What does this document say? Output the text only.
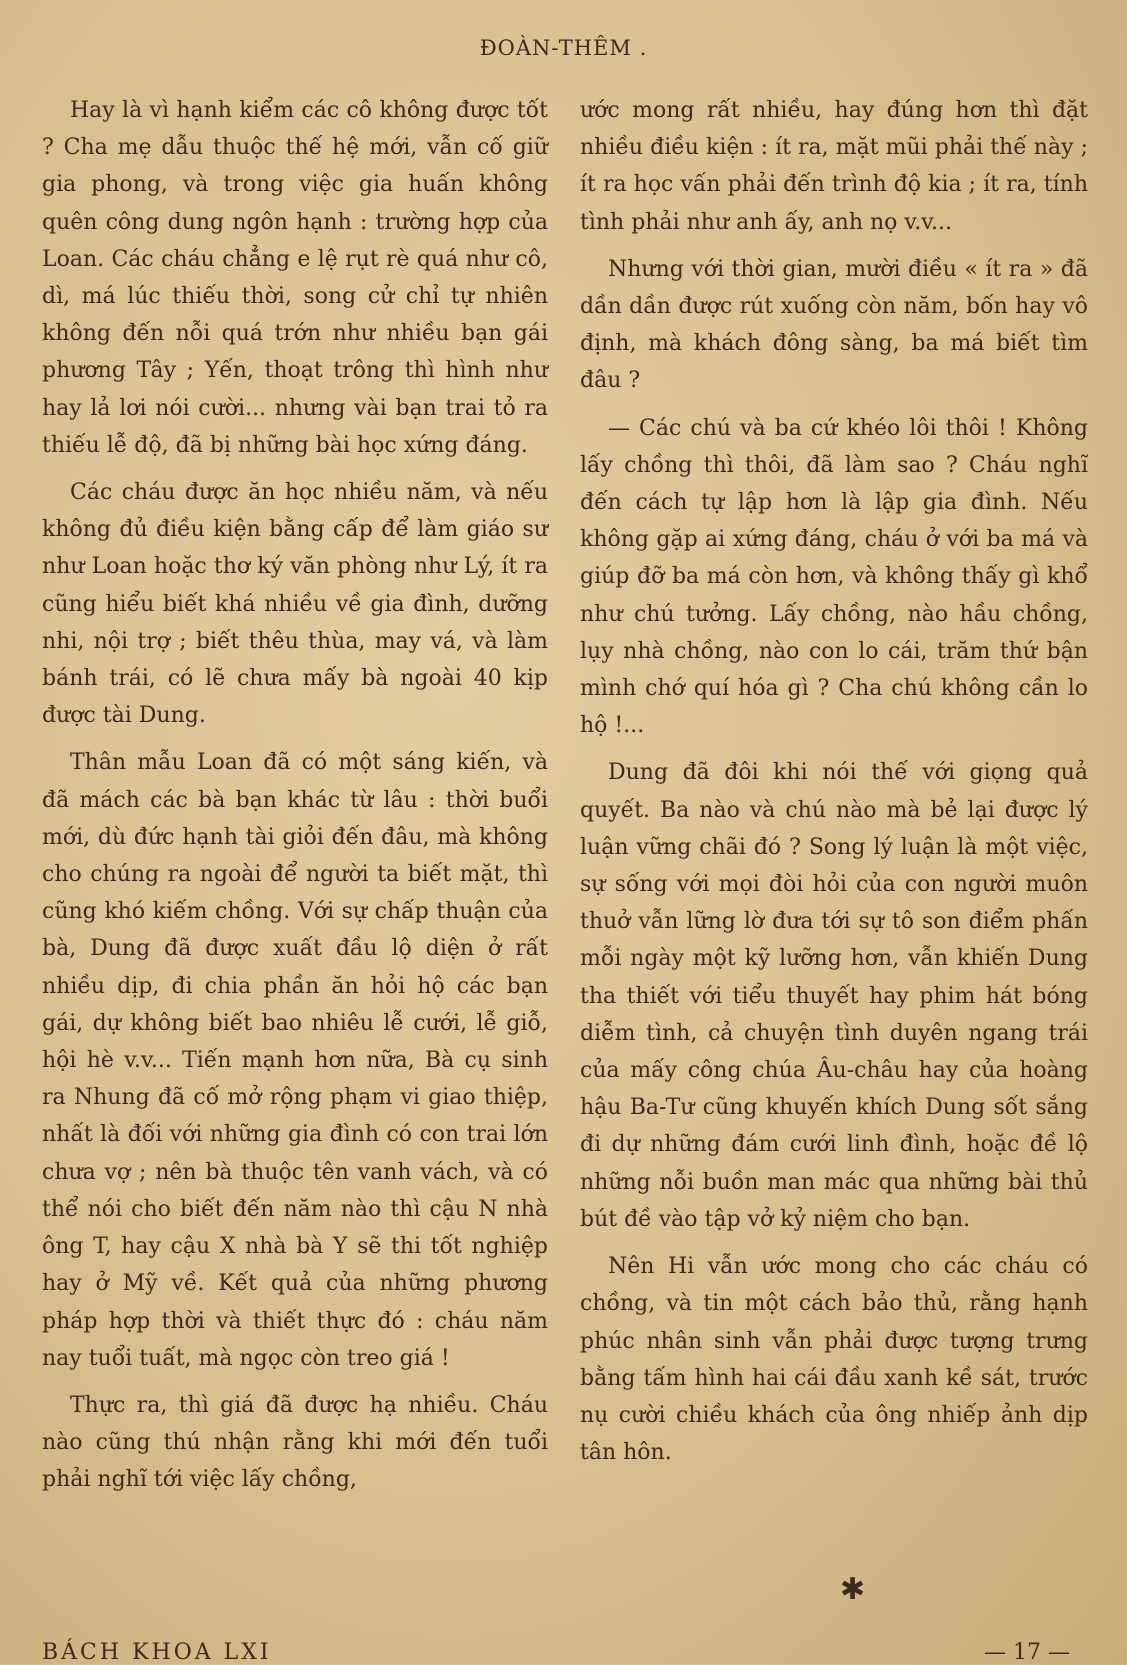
ĐOÀN-THÊM .

Hay là vì hạnh kiểm các cô không được tốt ? Cha mẹ dẫu thuộc thế hệ mới, vẫn cố giữ gia phong, và trong việc gia huấn không quên công dung ngôn hạnh : trường hợp của Loan. Các cháu chẳng e lệ rụt rè quá như cô, dì, má lúc thiếu thời, song cử chỉ tự nhiên không đến nỗi quá trớn như nhiều bạn gái phương Tây ; Yến, thoạt trông thì hình như hay lả lơi nói cười... nhưng vài bạn trai tỏ ra thiếu lễ độ, đã bị những bài học xứng đáng.

Các cháu được ăn học nhiều năm, và nếu không đủ điều kiện bằng cấp để làm giáo sư như Loan hoặc thơ ký văn phòng như Lý, ít ra cũng hiểu biết khá nhiều về gia đình, dưỡng nhi, nội trợ ; biết thêu thùa, may vá, và làm bánh trái, có lẽ chưa mấy bà ngoài 40 kịp được tài Dung.

Thân mẫu Loan đã có một sáng kiến, và đã mách các bà bạn khác từ lâu : thời buổi mới, dù đức hạnh tài giỏi đến đâu, mà không cho chúng ra ngoài để người ta biết mặt, thì cũng khó kiếm chồng. Với sự chấp thuận của bà, Dung đã được xuất đầu lộ diện ở rất nhiều dịp, đi chia phần ăn hỏi hộ các bạn gái, dự không biết bao nhiêu lễ cưới, lễ giỗ, hội hè v.v... Tiến mạnh hơn nữa, Bà cụ sinh ra Nhung đã cố mở rộng phạm vi giao thiệp, nhất là đối với những gia đình có con trai lớn chưa vợ ; nên bà thuộc tên vanh vách, và có thể nói cho biết đến năm nào thì cậu N nhà ông T, hay cậu X nhà bà Y sẽ thi tốt nghiệp hay ở Mỹ về. Kết quả của những phương pháp hợp thời và thiết thực đó : cháu năm nay tuổi tuất, mà ngọc còn treo giá !

Thực ra, thì giá đã được hạ nhiều. Cháu nào cũng thú nhận rằng khi mới đến tuổi phải nghĩ tới việc lấy chồng,

ước mong rất nhiều, hay đúng hơn thì đặt nhiều điều kiện : ít ra, mặt mũi phải thế này ; ít ra học vấn phải đến trình độ kia ; ít ra, tính tình phải như anh ấy, anh nọ v.v...

Nhưng với thời gian, mười điều « ít ra » đã dần dần được rút xuống còn năm, bốn hay vô định, mà khách đông sàng, ba má biết tìm đâu ?

— Các chú và ba cứ khéo lôi thôi ! Không lấy chồng thì thôi, đã làm sao ? Cháu nghĩ đến cách tự lập hơn là lập gia đình. Nếu không gặp ai xứng đáng, cháu ở với ba má và giúp đỡ ba má còn hơn, và không thấy gì khổ như chú tưởng. Lấy chồng, nào hầu chồng, lụy nhà chồng, nào con lo cái, trăm thứ bận mình chớ quí hóa gì ? Cha chú không cần lo hộ !...

Dung đã đôi khi nói thế với giọng quả quyết. Ba nào và chú nào mà bẻ lại được lý luận vững chãi đó ? Song lý luận là một việc, sự sống với mọi đòi hỏi của con người muôn thuở vẫn lững lờ đưa tới sự tô son điểm phấn mỗi ngày một kỹ lưỡng hơn, vẫn khiến Dung tha thiết với tiểu thuyết hay phim hát bóng diễm tình, cả chuyện tình duyên ngang trái của mấy công chúa Âu-châu hay của hoàng hậu Ba-Tư cũng khuyến khích Dung sốt sắng đi dự những đám cưới linh đình, hoặc đề lộ những nỗi buồn man mác qua những bài thủ bút đề vào tập vở kỷ niệm cho bạn.

Nên Hi vẫn ước mong cho các cháu có chồng, và tin một cách bảo thủ, rằng hạnh phúc nhân sinh vẫn phải được tượng trưng bằng tấm hình hai cái đầu xanh kề sát, trước nụ cười chiều khách của ông nhiếp ảnh dịp tân hôn.

✱
BÁCH KHOA LXI	— 17 —
